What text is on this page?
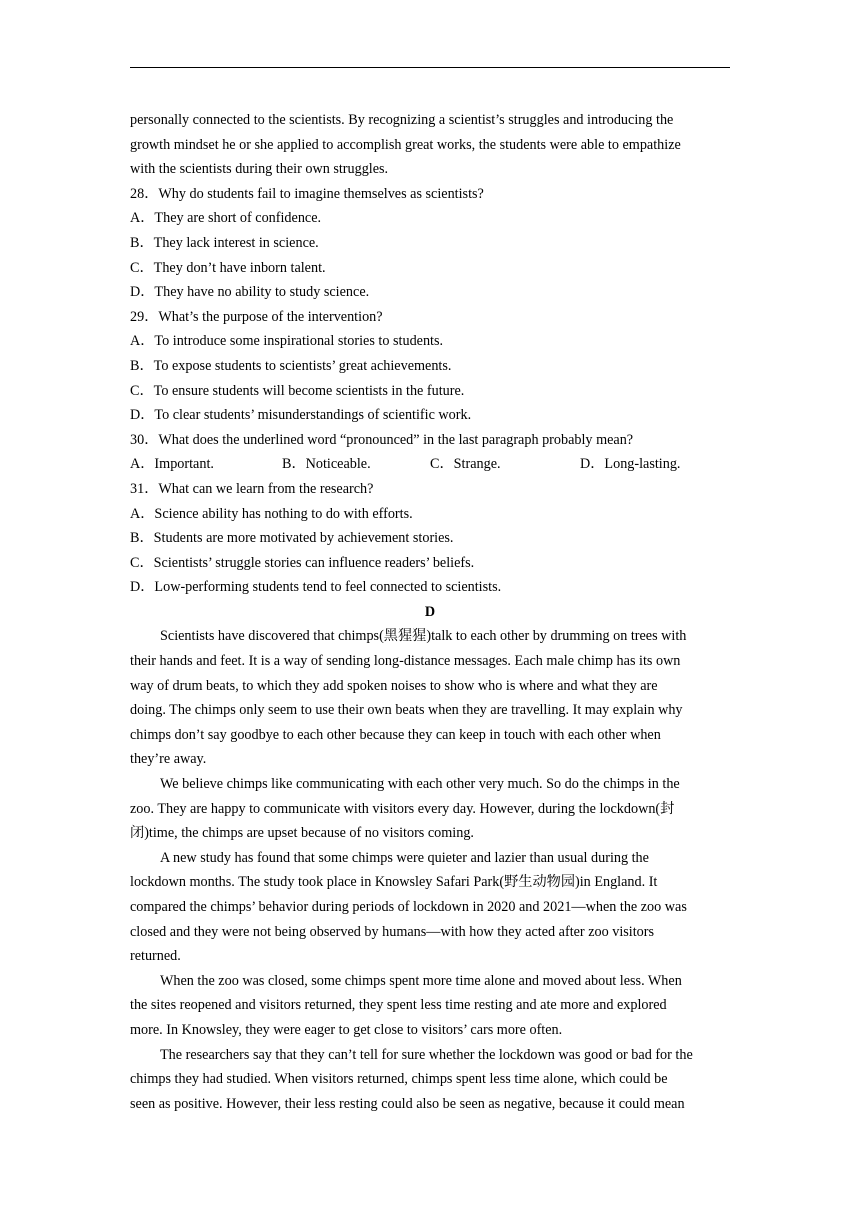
personally connected to the scientists. By recognizing a scientist’s struggles and introducing the
growth mindset he or she applied to accomplish great works, the students were able to empathize
with the scientists during their own struggles.
28．Why do students fail to imagine themselves as scientists?
A．They are short of confidence.
B．They lack interest in science.
C．They don’t have inborn talent.
D．They have no ability to study science.
29．What’s the purpose of the intervention?
A．To introduce some inspirational stories to students.
B．To expose students to scientists’ great achievements.
C．To ensure students will become scientists in the future.
D．To clear students’ misunderstandings of scientific work.
30．What does the underlined word “pronounced” in the last paragraph probably mean?
A．Important.	B．Noticeable.	C．Strange.	D．Long-lasting.
31．What can we learn from the research?
A．Science ability has nothing to do with efforts.
B．Students are more motivated by achievement stories.
C．Scientists’ struggle stories can influence readers’ beliefs.
D．Low-performing students tend to feel connected to scientists.
D
Scientists have discovered that chimps(黑猩猩)talk to each other by drumming on trees with
their hands and feet. It is a way of sending long-distance messages. Each male chimp has its own
way of drum beats, to which they add spoken noises to show who is where and what they are
doing. The chimps only seem to use their own beats when they are travelling. It may explain why
chimps don’t say goodbye to each other because they can keep in touch with each other when
they’re away.
We believe chimps like communicating with each other very much. So do the chimps in the
zoo. They are happy to communicate with visitors every day. However, during the lockdown(封
闭)time, the chimps are upset because of no visitors coming.
A new study has found that some chimps were quieter and lazier than usual during the
lockdown months. The study took place in Knowsley Safari Park(野生动物园)in England. It
compared the chimps’ behavior during periods of lockdown in 2020 and 2021—when the zoo was
closed and they were not being observed by humans—with how they acted after zoo visitors
returned.
When the zoo was closed, some chimps spent more time alone and moved about less. When
the sites reopened and visitors returned, they spent less time resting and ate more and explored
more. In Knowsley, they were eager to get close to visitors’ cars more often.
The researchers say that they can’t tell for sure whether the lockdown was good or bad for the
chimps they had studied. When visitors returned, chimps spent less time alone, which could be
seen as positive. However, their less resting could also be seen as negative, because it could mean
